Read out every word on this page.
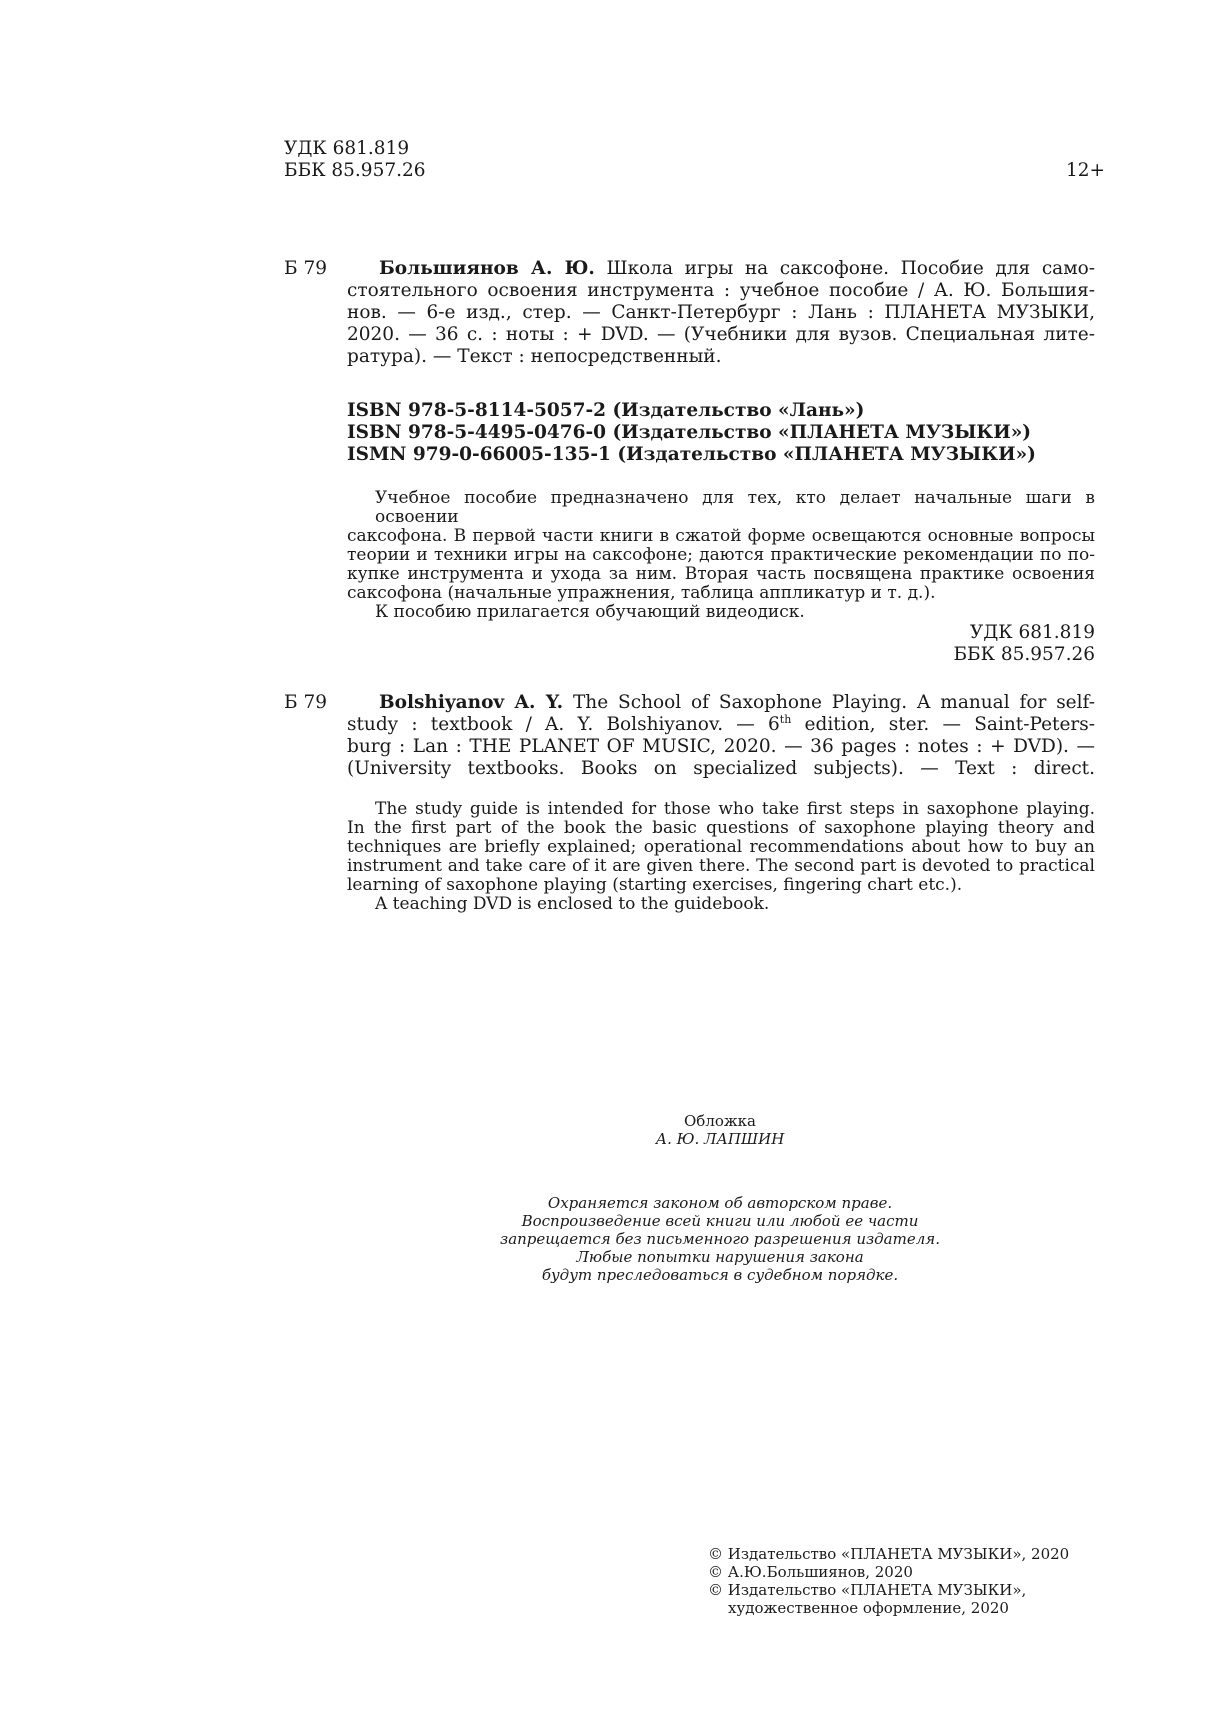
УДК 681.819
ББК 85.957.26	12+
Б 79	Большиянов А. Ю. Школа игры на саксофоне. Пособие для само-
стоятельного освоения инструмента : учебное пособие / А. Ю. Большия-
нов. — 6-е изд., стер. — Санкт-Петербург : Лань : ПЛАНЕТА МУЗЫКИ,
2020. — 36 с. : ноты : + DVD. — (Учебники для вузов. Специальная лите-
ратура). — Текст : непосредственный.
ISBN 978-5-8114-5057-2 (Издательство «Лань»)
ISBN 978-5-4495-0476-0 (Издательство «ПЛАНЕТА МУЗЫКИ»)
ISMN 979-0-66005-135-1 (Издательство «ПЛАНЕТА МУЗЫКИ»)
Учебное пособие предназначено для тех, кто делает начальные шаги в освоении
саксофона. В первой части книги в сжатой форме освещаются основные вопросы
теории и техники игры на саксофоне; даются практические рекомендации по по-
купке инструмента и ухода за ним. Вторая часть посвящена практике освоения
саксофона (начальные упражнения, таблица аппликатур и т. д.).
К пособию прилагается обучающий видеодиск.
УДК 681.819
ББК 85.957.26
Б 79	Bolshiyanov A. Y. The School of Saxophone Playing. A manual for self-
study : textbook / A. Y. Bolshiyanov. — 6th edition, ster. — Saint-Peters-
burg : Lan : THE PLANET OF MUSIC, 2020. — 36 pages : notes : + DVD). —
(University textbooks. Books on specialized subjects). — Text : direct.
The study guide is intended for those who take first steps in saxophone playing.
In the first part of the book the basic questions of saxophone playing theory and
techniques are briefly explained; operational recommendations about how to buy an
instrument and take care of it are given there. The second part is devoted to practical
learning of saxophone playing (starting exercises, fingering chart etc.).
A teaching DVD is enclosed to the guidebook.
Обложка
А. Ю. ЛАПШИН
Охраняется законом об авторском праве.
Воспроизведение всей книги или любой ее части
запрещается без письменного разрешения издателя.
Любые попытки нарушения закона
будут преследоваться в судебном порядке.
© Издательство «ПЛАНЕТА МУЗЫКИ», 2020
© А.Ю.Большиянов, 2020
© Издательство «ПЛАНЕТА МУЗЫКИ»,
художественное оформление, 2020
